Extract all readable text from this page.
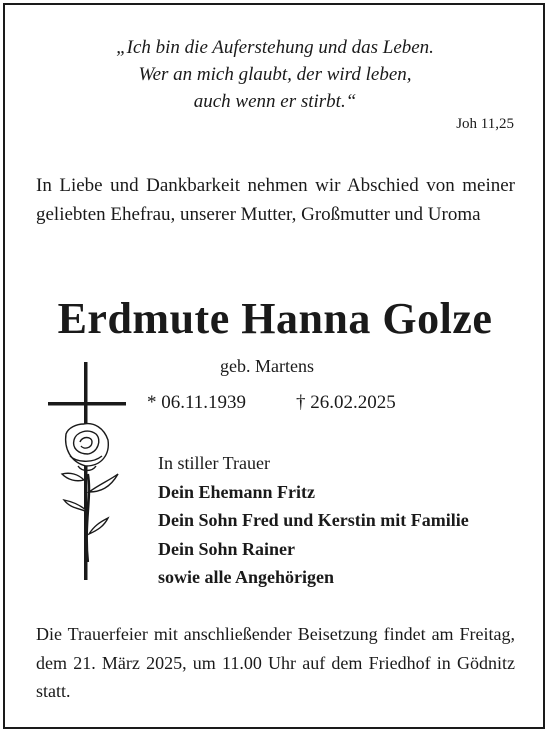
„Ich bin die Auferstehung und das Leben.
Wer an mich glaubt, der wird leben,
auch wenn er stirbt.“
Joh 11,25
In Liebe und Dankbarkeit nehmen wir Abschied von meiner geliebten Ehefrau, unserer Mutter, Großmutter und Uroma
Erdmute Hanna Golze
geb. Martens
* 06.11.1939	† 26.02.2025
In stiller Trauer
Dein Ehemann Fritz
Dein Sohn Fred und Kerstin mit Familie
Dein Sohn Rainer
sowie alle Angehörigen
Die Trauerfeier mit anschließender Beisetzung findet am Freitag, dem 21. März 2025, um 11.00 Uhr auf dem Friedhof in Gödnitz statt.
